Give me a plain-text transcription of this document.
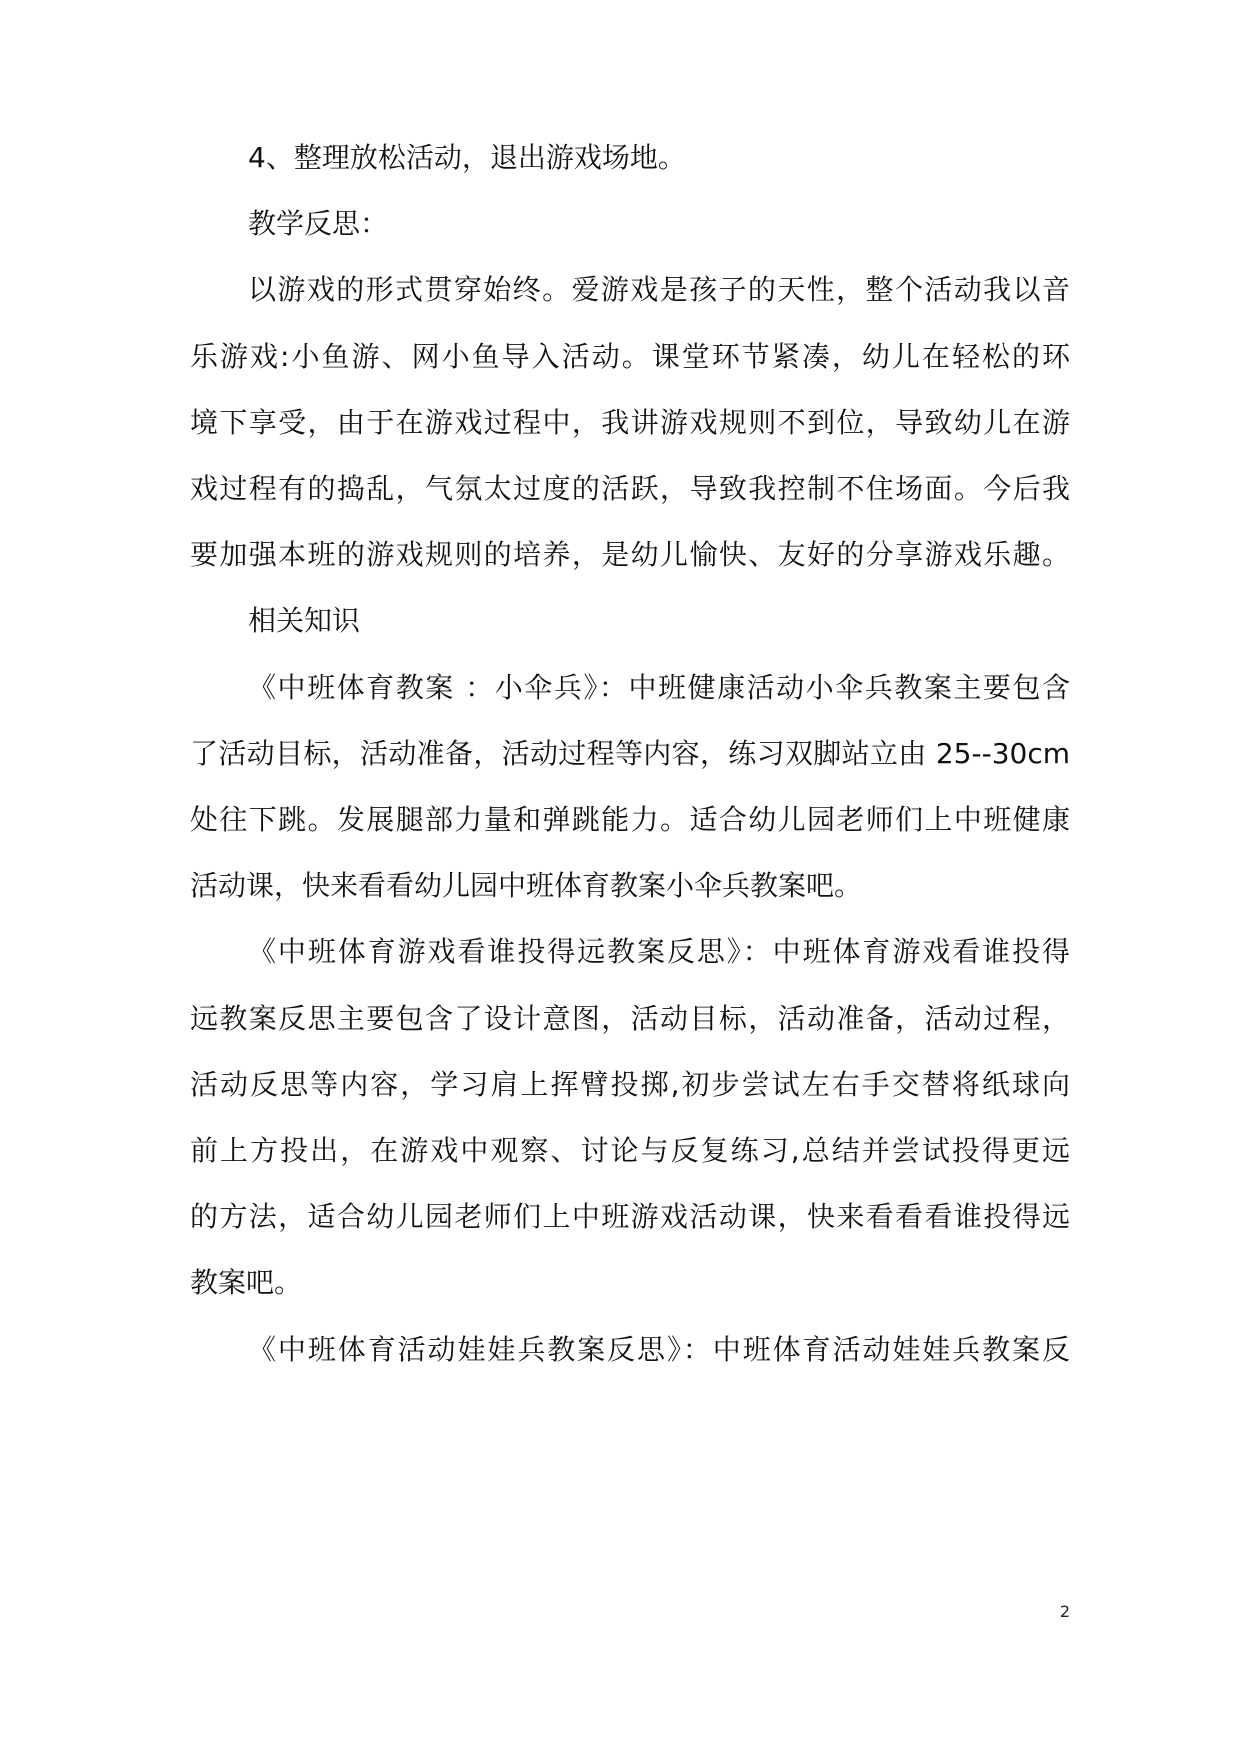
4、整理放松活动，退出游戏场地。
教学反思：
以游戏的形式贯穿始终。爱游戏是孩子的天性，整个活动我以音
乐游戏:小鱼游、网小鱼导入活动。课堂环节紧凑，幼儿在轻松的环
境下享受，由于在游戏过程中，我讲游戏规则不到位，导致幼儿在游
戏过程有的捣乱，气氛太过度的活跃，导致我控制不住场面。今后我
要加强本班的游戏规则的培养，是幼儿愉快、友好的分享游戏乐趣。
相关知识
《中班体育教案 ：小伞兵》：中班健康活动小伞兵教案主要包含
了活动目标，活动准备，活动过程等内容，练习双脚站立由 25--30cm
处往下跳。发展腿部力量和弹跳能力。适合幼儿园老师们上中班健康
活动课，快来看看幼儿园中班体育教案小伞兵教案吧。
《中班体育游戏看谁投得远教案反思》：中班体育游戏看谁投得
远教案反思主要包含了设计意图，活动目标，活动准备，活动过程，
活动反思等内容，学习肩上挥臂投掷,初步尝试左右手交替将纸球向
前上方投出，在游戏中观察、讨论与反复练习,总结并尝试投得更远
的方法，适合幼儿园老师们上中班游戏活动课，快来看看看谁投得远
教案吧。
《中班体育活动娃娃兵教案反思》：中班体育活动娃娃兵教案反
2
